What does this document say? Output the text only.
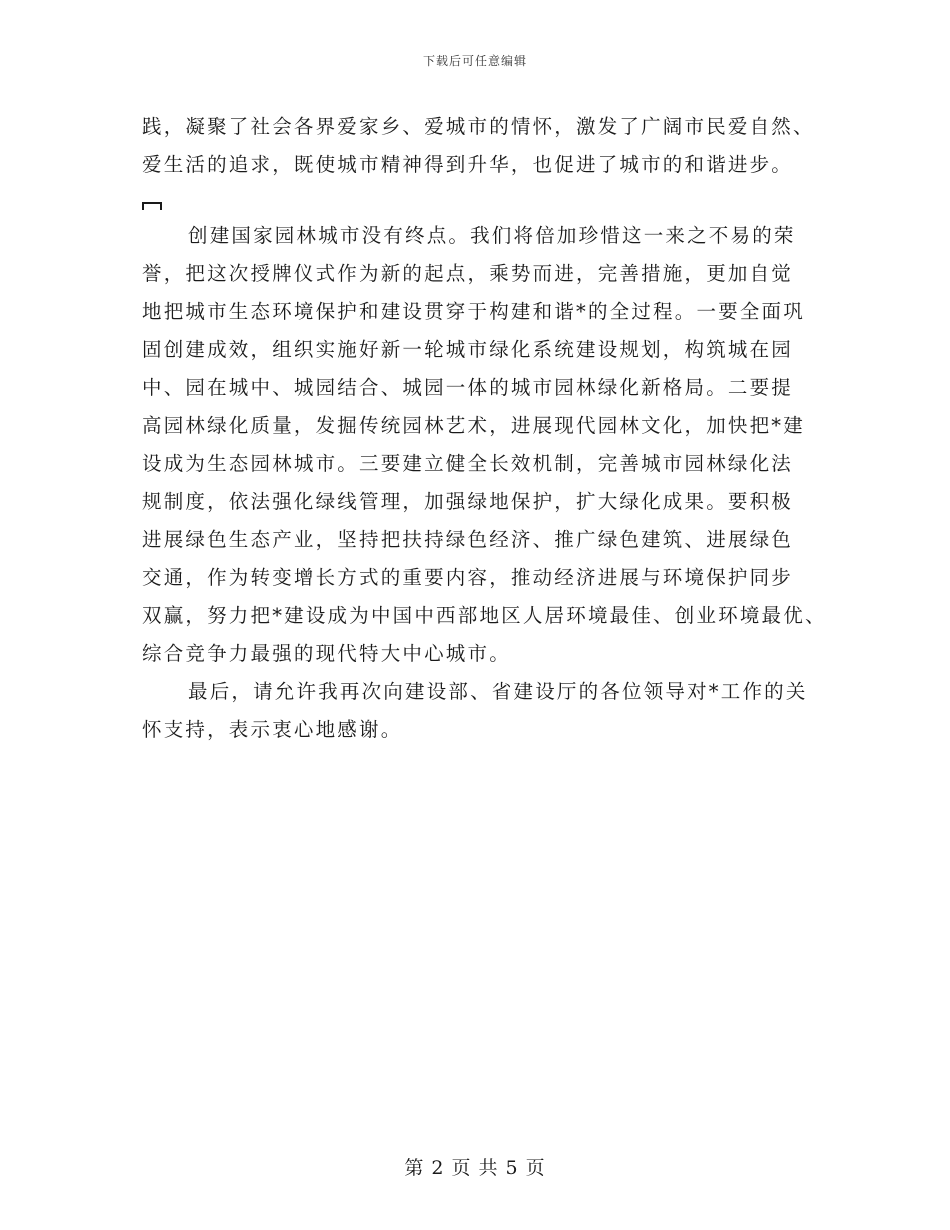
下载后可任意编辑
践，凝聚了社会各界爱家乡、爱城市的情怀，激发了广阔市民爱自然、
爱生活的追求，既使城市精神得到升华，也促进了城市的和谐进步。
创建国家园林城市没有终点。我们将倍加珍惜这一来之不易的荣
誉，把这次授牌仪式作为新的起点，乘势而进，完善措施，更加自觉
地把城市生态环境保护和建设贯穿于构建和谐*的全过程。一要全面巩
固创建成效，组织实施好新一轮城市绿化系统建设规划，构筑城在园
中、园在城中、城园结合、城园一体的城市园林绿化新格局。二要提
高园林绿化质量，发掘传统园林艺术，进展现代园林文化，加快把*建
设成为生态园林城市。三要建立健全长效机制，完善城市园林绿化法
规制度，依法强化绿线管理，加强绿地保护，扩大绿化成果。要积极
进展绿色生态产业，坚持把扶持绿色经济、推广绿色建筑、进展绿色
交通，作为转变增长方式的重要内容，推动经济进展与环境保护同步
双赢，努力把*建设成为中国中西部地区人居环境最佳、创业环境最优、
综合竞争力最强的现代特大中心城市。
最后，请允许我再次向建设部、省建设厅的各位领导对*工作的关
怀支持，表示衷心地感谢。
第 2 页 共 5 页
